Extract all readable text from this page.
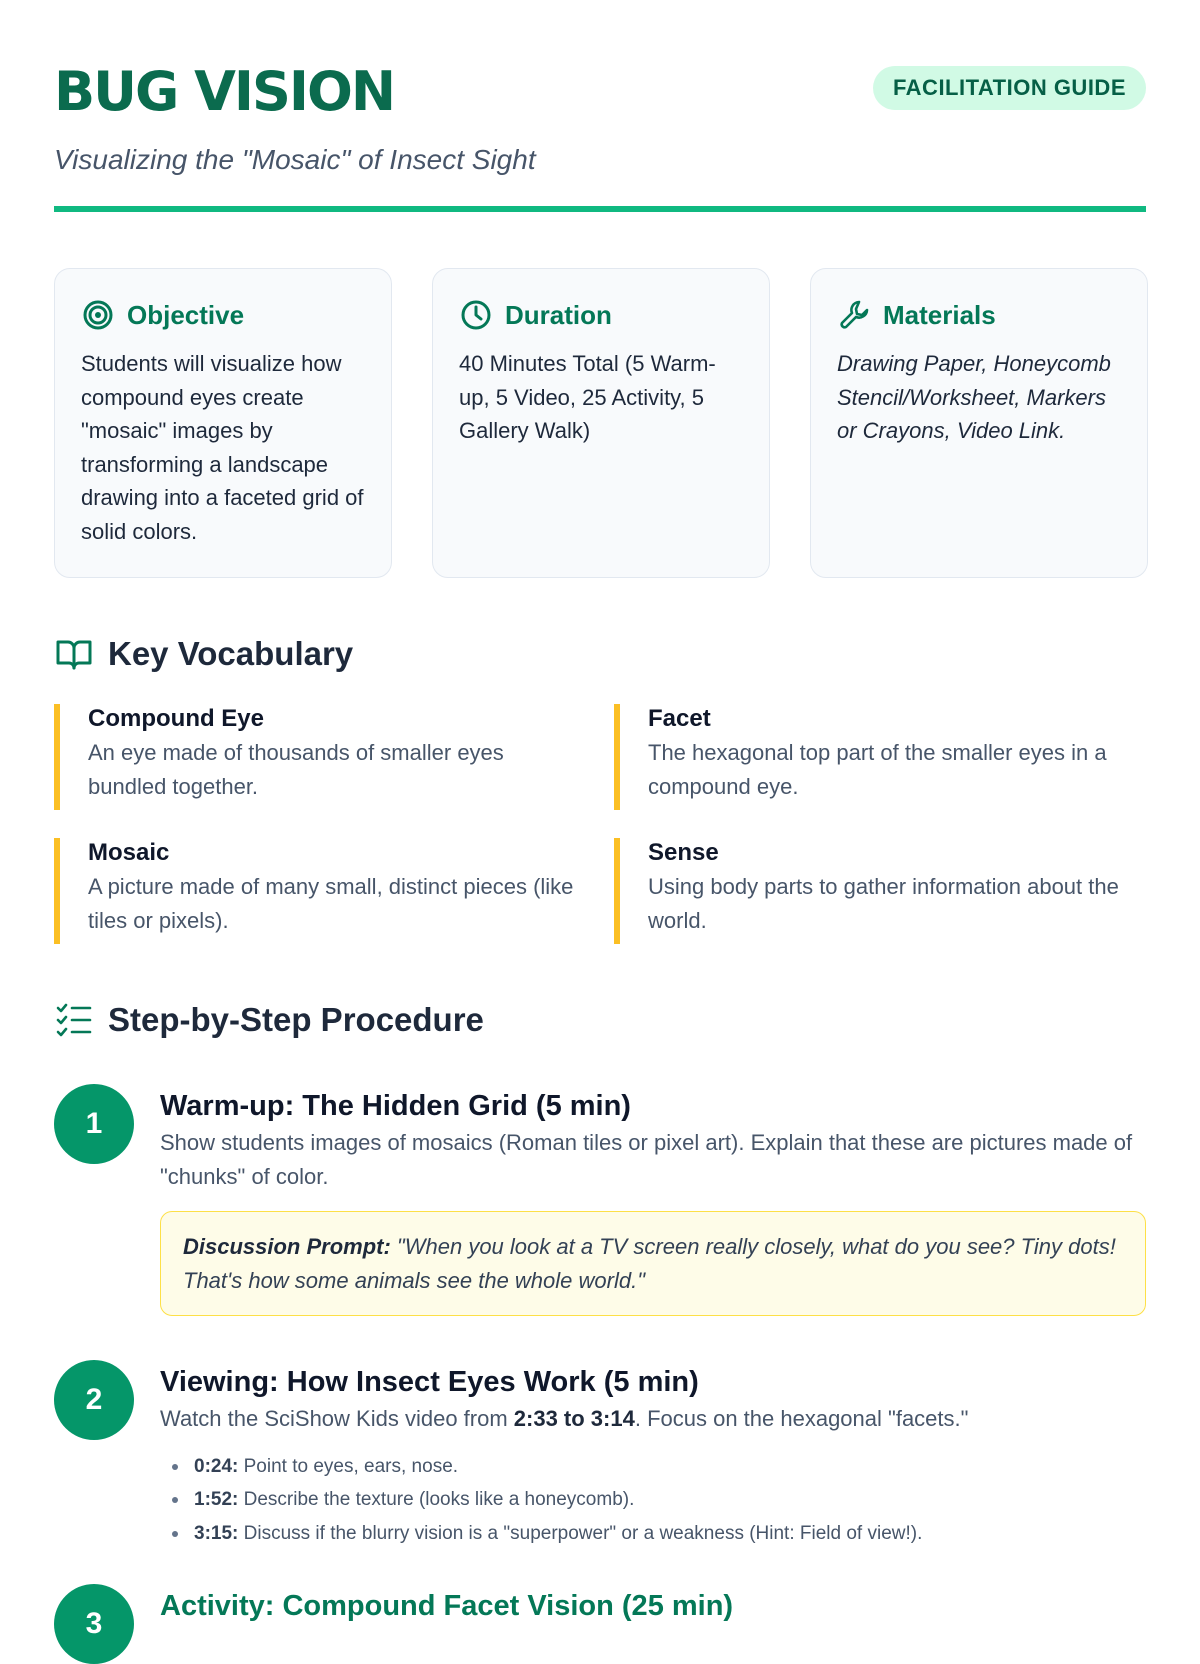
BUG VISION
Visualizing the "Mosaic" of Insect Sight
FACILITATION GUIDE
Objective
Students will visualize how compound eyes create "mosaic" images by transforming a landscape drawing into a faceted grid of solid colors.
Duration
40 Minutes Total (5 Warm-up, 5 Video, 25 Activity, 5 Gallery Walk)
Materials
Drawing Paper, Honeycomb Stencil/Worksheet, Markers or Crayons, Video Link.
Key Vocabulary
Compound Eye
An eye made of thousands of smaller eyes bundled together.
Facet
The hexagonal top part of the smaller eyes in a compound eye.
Mosaic
A picture made of many small, distinct pieces (like tiles or pixels).
Sense
Using body parts to gather information about the world.
Step-by-Step Procedure
1
Warm-up: The Hidden Grid (5 min)
Show students images of mosaics (Roman tiles or pixel art). Explain that these are pictures made of "chunks" of color.
Discussion Prompt: "When you look at a TV screen really closely, what do you see? Tiny dots! That's how some animals see the whole world."
2
Viewing: How Insect Eyes Work (5 min)
Watch the SciShow Kids video from 2:33 to 3:14. Focus on the hexagonal "facets."
0:24: Point to eyes, ears, nose.
1:52: Describe the texture (looks like a honeycomb).
3:15: Discuss if the blurry vision is a "superpower" or a weakness (Hint: Field of view!).
3
Activity: Compound Facet Vision (25 min)
